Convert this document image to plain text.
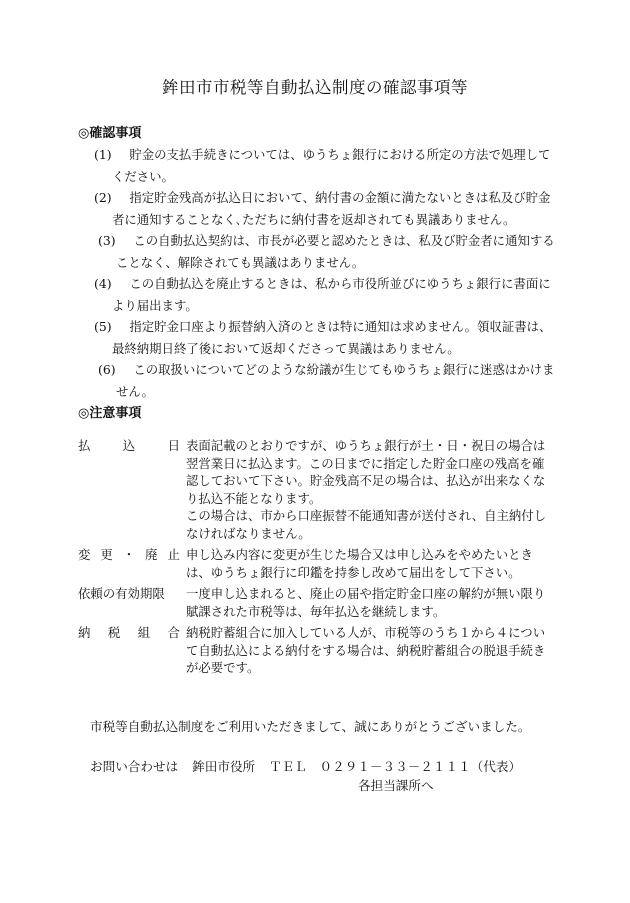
鉾田市市税等自動払込制度の確認事項等
◎確認事項
(1)	貯金の支払手続きについては、ゆうちょ銀行における所定の方法で処理してください。
(2)	指定貯金残高が払込日において、納付書の金額に満たないときは私及び貯金者に通知することなく､ただちに納付書を返却されても異議ありません。
(3)	この自動払込契約は、市長が必要と認めたときは、私及び貯金者に通知することなく、解除されても異議はありません。
(4)	この自動払込を廃止するときは、私から市役所並びにゆうちょ銀行に書面により届出ます。
(5)	指定貯金口座より振替納入済のときは特に通知は求めません。領収証書は、最終納期日終了後において返却くださって異議はありません。
(6)	この取扱いについてどのような紛議が生じてもゆうちょ銀行に迷惑はかけません。
◎注意事項
払	込	日 表面記載のとおりですが、ゆうちょ銀行が土・日・祝日の場合は翌営業日に払込ます。この日までに指定した貯金口座の残高を確認しておいて下さい。貯金残高不足の場合は、払込が出来なくなり払込不能となります。
この場合は、市から口座振替不能通知書が送付され、自主納付しなければなりません。
変 更 ・ 廃 止 申し込み内容に変更が生じた場合又は申し込みをやめたいときは、ゆうちょ銀行に印鑑を持参し改めて届出をして下さい。
依頼の有効期限 一度申し込まれると、廃止の届や指定貯金口座の解約が無い限り賦課された市税等は、毎年払込を継続します。
納 税 組 合 納税貯蓄組合に加入している人が、市税等のうち１から４について自動払込による納付をする場合は、納税貯蓄組合の脱退手続きが必要です。
市税等自動払込制度をご利用いただきまして、誠にありがとうございました。
お問い合わせは 鉾田市役所 ＴＥＬ　０２９１－３３－２１１１（代表）
各担当課所へ
